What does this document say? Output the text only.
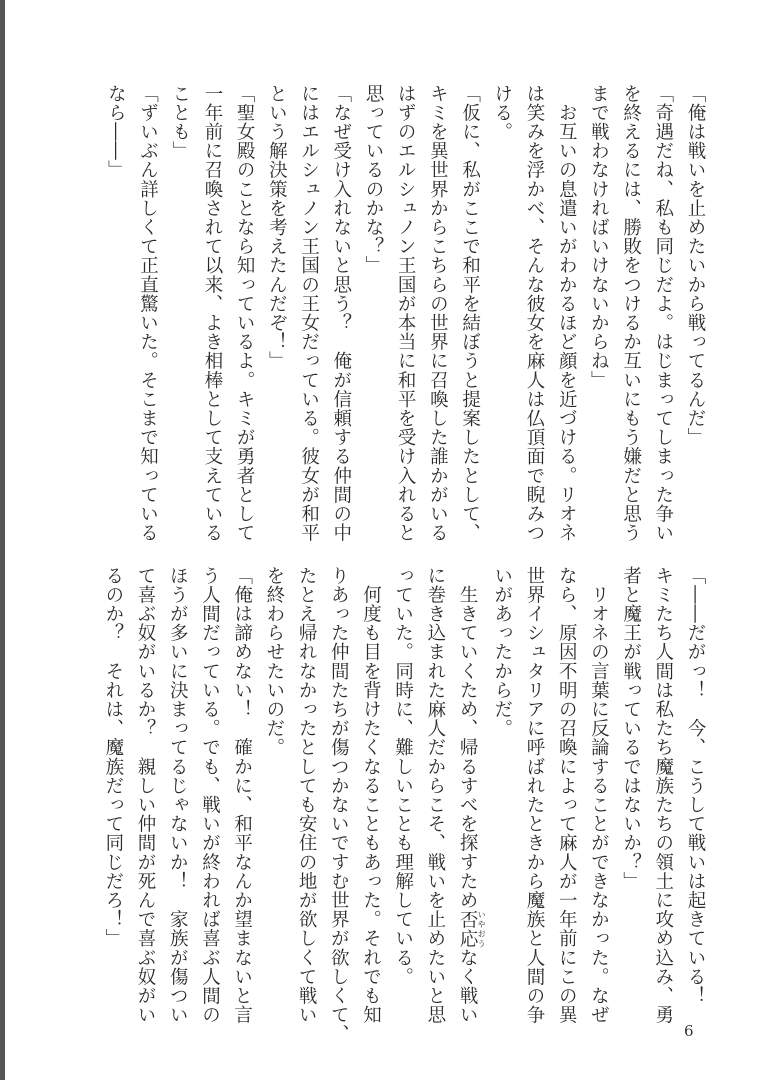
「俺は戦いを止めたいから戦ってるんだ」
「奇遇だね、私も同じだよ。はじまってしまった争い
を終えるには、勝敗をつけるか互いにもう嫌だと思う
まで戦わなければいけないからね」
　お互いの息遣いがわかるほど顔を近づける。リオネ
は笑みを浮かべ、そんな彼女を麻人は仏頂面で睨みつ
ける。
「仮に、私がここで和平を結ぼうと提案したとして、
キミを異世界からこちらの世界に召喚した誰かがいる
はずのエルシュノン王国が本当に和平を受け入れると
思っているのかな？」
「なぜ受け入れないと思う？　俺が信頼する仲間の中
にはエルシュノン王国の王女だっている。彼女が和平
という解決策を考えたんだぞ！」
「聖女殿のことなら知っているよ。キミが勇者として
一年前に召喚されて以来、よき相棒として支えている
ことも」
「ずいぶん詳しくて正直驚いた。そこまで知っている
なら――」
「――だがっ！　今、こうして戦いは起きている！
キミたち人間は私たち魔族たちの領土に攻め込み、勇
者と魔王が戦っているではないか？」
　リオネの言葉に反論することができなかった。なぜ
なら、原因不明の召喚によって麻人が一年前にこの異
世界イシュタリアに呼ばれたときから魔族と人間の争
いがあったからだ。
　生きていくため、帰るすべを探すため否応 いやおうなく戦い
に巻き込まれた麻人だからこそ、戦いを止めたいと思
っていた。同時に、難しいことも理解している。
　何度も目を背けたくなることもあった。それでも知
りあった仲間たちが傷つかないですむ世界が欲しくて、
たとえ帰れなかったとしても安住の地が欲しくて戦い
を終わらせたいのだ。
「俺は諦めない！　確かに、和平なんか望まないと言
う人間だっている。でも、戦いが終われば喜ぶ人間の
ほうが多いに決まってるじゃないか！　家族が傷つい
て喜ぶ奴がいるか？　親しい仲間が死んで喜ぶ奴がい
るのか？　それは、魔族だって同じだろ！」
6
